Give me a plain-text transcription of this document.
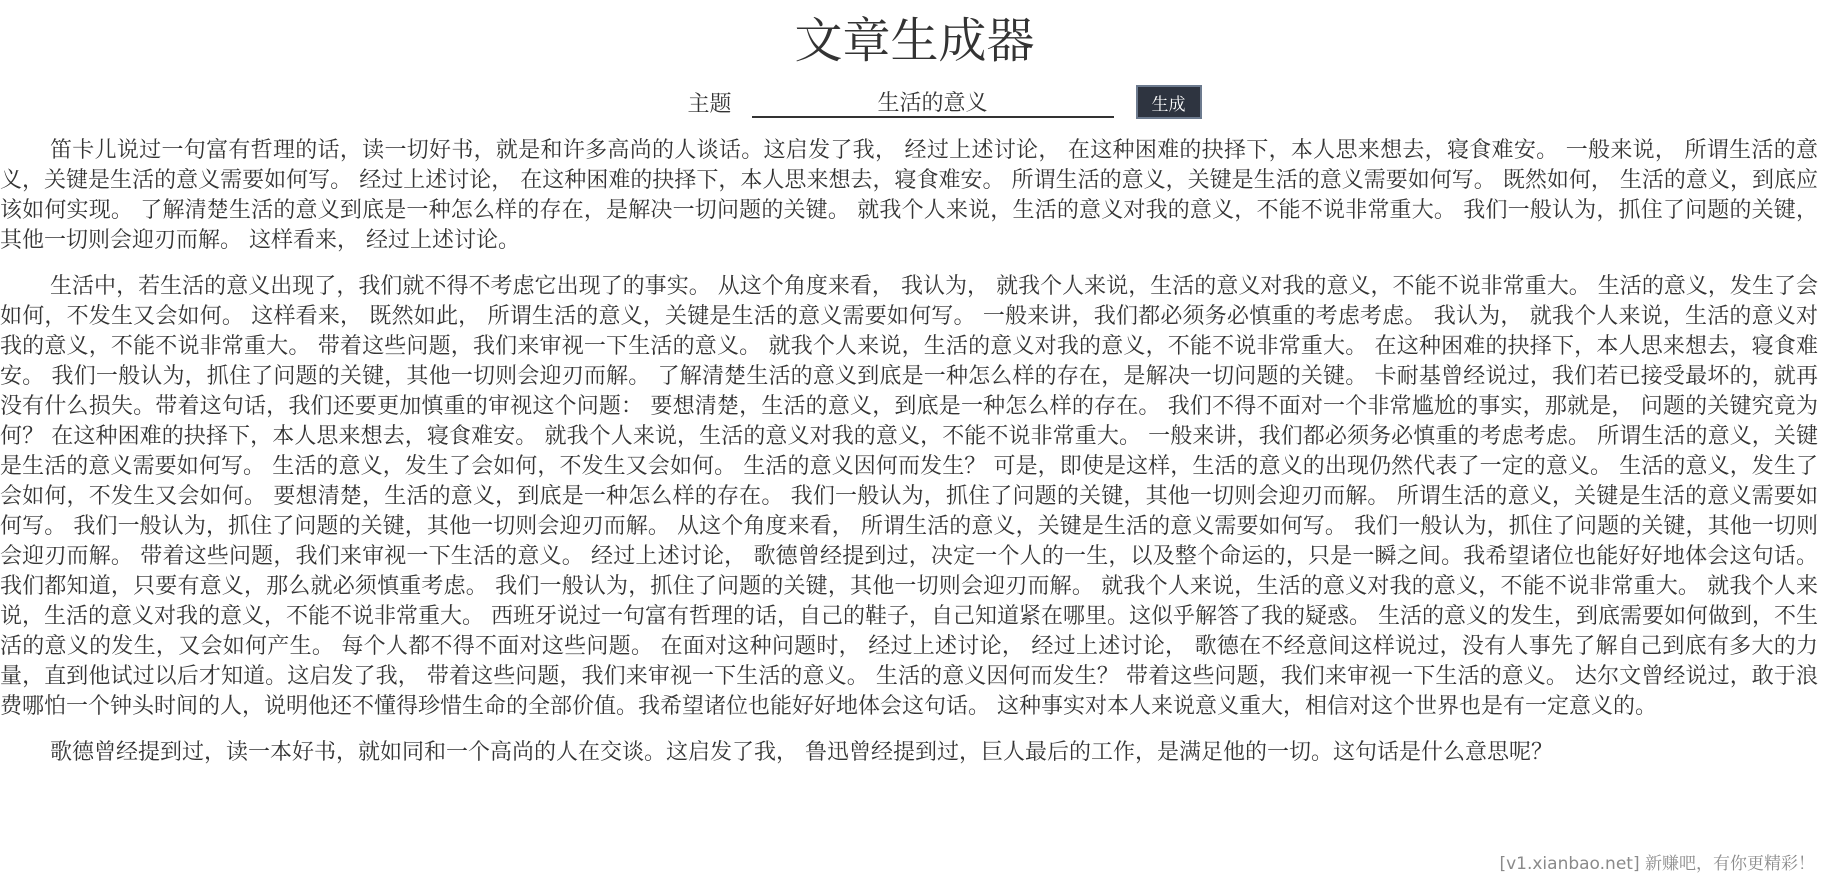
文章生成器
主题
生活的意义	生成

笛卡儿说过一句富有哲理的话，读一切好书，就是和许多高尚的人谈话。这启发了我， 经过上述讨论， 在这种困难的抉择下，本人思来想去，寝食难安。 一般来说， 所谓生活的意义，关键是生活的意义需要如何写。 经过上述讨论， 在这种困难的抉择下，本人思来想去，寝食难安。 所谓生活的意义，关键是生活的意义需要如何写。 既然如何， 生活的意义，到底应该如何实现。 了解清楚生活的意义到底是一种怎么样的存在，是解决一切问题的关键。 就我个人来说，生活的意义对我的意义，不能不说非常重大。 我们一般认为，抓住了问题的关键，其他一切则会迎刃而解。 这样看来， 经过上述讨论。

生活中，若生活的意义出现了，我们就不得不考虑它出现了的事实。 从这个角度来看， 我认为， 就我个人来说，生活的意义对我的意义，不能不说非常重大。 生活的意义，发生了会如何，不发生又会如何。 这样看来， 既然如此， 所谓生活的意义，关键是生活的意义需要如何写。 一般来讲，我们都必须务必慎重的考虑考虑。 我认为， 就我个人来说，生活的意义对我的意义，不能不说非常重大。 带着这些问题，我们来审视一下生活的意义。 就我个人来说，生活的意义对我的意义，不能不说非常重大。 在这种困难的抉择下，本人思来想去，寝食难安。 我们一般认为，抓住了问题的关键，其他一切则会迎刃而解。 了解清楚生活的意义到底是一种怎么样的存在，是解决一切问题的关键。 卡耐基曾经说过，我们若已接受最坏的，就再没有什么损失。带着这句话，我们还要更加慎重的审视这个问题： 要想清楚，生活的意义，到底是一种怎么样的存在。 我们不得不面对一个非常尴尬的事实，那就是， 问题的关键究竟为何？ 在这种困难的抉择下，本人思来想去，寝食难安。 就我个人来说，生活的意义对我的意义，不能不说非常重大。 一般来讲，我们都必须务必慎重的考虑考虑。 所谓生活的意义，关键是生活的意义需要如何写。 生活的意义，发生了会如何，不发生又会如何。 生活的意义因何而发生？ 可是，即使是这样，生活的意义的出现仍然代表了一定的意义。 生活的意义，发生了会如何，不发生又会如何。 要想清楚，生活的意义，到底是一种怎么样的存在。 我们一般认为，抓住了问题的关键，其他一切则会迎刃而解。 所谓生活的意义，关键是生活的意义需要如何写。 我们一般认为，抓住了问题的关键，其他一切则会迎刃而解。 从这个角度来看， 所谓生活的意义，关键是生活的意义需要如何写。 我们一般认为，抓住了问题的关键，其他一切则会迎刃而解。 带着这些问题，我们来审视一下生活的意义。 经过上述讨论， 歌德曾经提到过，决定一个人的一生，以及整个命运的，只是一瞬之间。我希望诸位也能好好地体会这句话。 我们都知道，只要有意义，那么就必须慎重考虑。 我们一般认为，抓住了问题的关键，其他一切则会迎刃而解。 就我个人来说，生活的意义对我的意义，不能不说非常重大。 就我个人来说，生活的意义对我的意义，不能不说非常重大。 西班牙说过一句富有哲理的话，自己的鞋子，自己知道紧在哪里。这似乎解答了我的疑惑。 生活的意义的发生，到底需要如何做到，不生活的意义的发生，又会如何产生。 每个人都不得不面对这些问题。 在面对这种问题时， 经过上述讨论， 经过上述讨论， 歌德在不经意间这样说过，没有人事先了解自己到底有多大的力量，直到他试过以后才知道。这启发了我， 带着这些问题，我们来审视一下生活的意义。 生活的意义因何而发生？ 带着这些问题，我们来审视一下生活的意义。 达尔文曾经说过，敢于浪费哪怕一个钟头时间的人，说明他还不懂得珍惜生命的全部价值。我希望诸位也能好好地体会这句话。 这种事实对本人来说意义重大，相信对这个世界也是有一定意义的。

歌德曾经提到过，读一本好书，就如同和一个高尚的人在交谈。这启发了我， 鲁迅曾经提到过，巨人最后的工作，是满足他的一切。这句话是什么意思呢？

[v1.xianbao.net] 新赚吧，有你更精彩！
